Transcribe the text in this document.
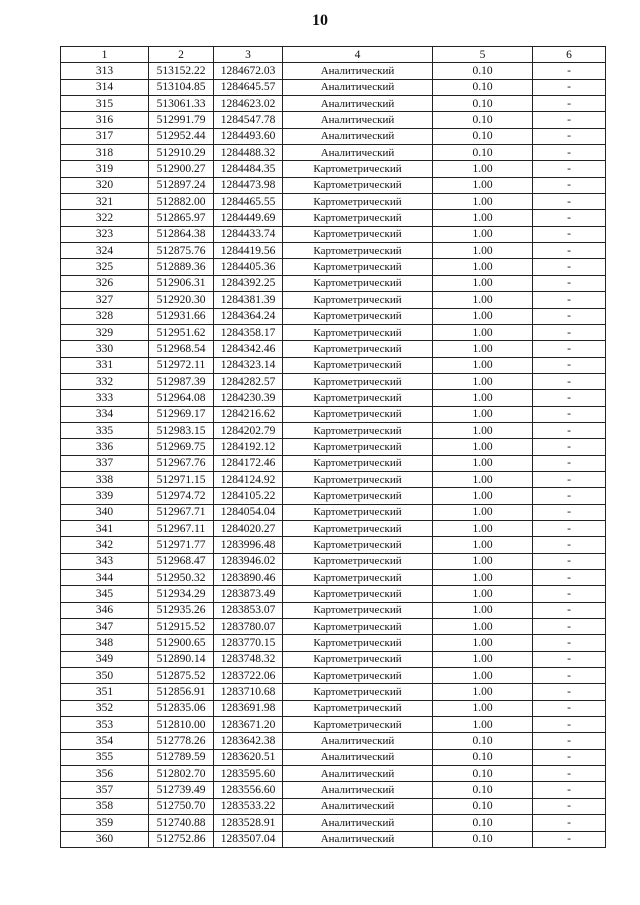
10
1	2	3	4	5	6
313	513152.22	1284672.03	Аналитический	0.10	-
314	513104.85	1284645.57	Аналитический	0.10	-
315	513061.33	1284623.02	Аналитический	0.10	-
316	512991.79	1284547.78	Аналитический	0.10	-
317	512952.44	1284493.60	Аналитический	0.10	-
318	512910.29	1284488.32	Аналитический	0.10	-
319	512900.27	1284484.35	Картометрический	1.00	-
320	512897.24	1284473.98	Картометрический	1.00	-
321	512882.00	1284465.55	Картометрический	1.00	-
322	512865.97	1284449.69	Картометрический	1.00	-
323	512864.38	1284433.74	Картометрический	1.00	-
324	512875.76	1284419.56	Картометрический	1.00	-
325	512889.36	1284405.36	Картометрический	1.00	-
326	512906.31	1284392.25	Картометрический	1.00	-
327	512920.30	1284381.39	Картометрический	1.00	-
328	512931.66	1284364.24	Картометрический	1.00	-
329	512951.62	1284358.17	Картометрический	1.00	-
330	512968.54	1284342.46	Картометрический	1.00	-
331	512972.11	1284323.14	Картометрический	1.00	-
332	512987.39	1284282.57	Картометрический	1.00	-
333	512964.08	1284230.39	Картометрический	1.00	-
334	512969.17	1284216.62	Картометрический	1.00	-
335	512983.15	1284202.79	Картометрический	1.00	-
336	512969.75	1284192.12	Картометрический	1.00	-
337	512967.76	1284172.46	Картометрический	1.00	-
338	512971.15	1284124.92	Картометрический	1.00	-
339	512974.72	1284105.22	Картометрический	1.00	-
340	512967.71	1284054.04	Картометрический	1.00	-
341	512967.11	1284020.27	Картометрический	1.00	-
342	512971.77	1283996.48	Картометрический	1.00	-
343	512968.47	1283946.02	Картометрический	1.00	-
344	512950.32	1283890.46	Картометрический	1.00	-
345	512934.29	1283873.49	Картометрический	1.00	-
346	512935.26	1283853.07	Картометрический	1.00	-
347	512915.52	1283780.07	Картометрический	1.00	-
348	512900.65	1283770.15	Картометрический	1.00	-
349	512890.14	1283748.32	Картометрический	1.00	-
350	512875.52	1283722.06	Картометрический	1.00	-
351	512856.91	1283710.68	Картометрический	1.00	-
352	512835.06	1283691.98	Картометрический	1.00	-
353	512810.00	1283671.20	Картометрический	1.00	-
354	512778.26	1283642.38	Аналитический	0.10	-
355	512789.59	1283620.51	Аналитический	0.10	-
356	512802.70	1283595.60	Аналитический	0.10	-
357	512739.49	1283556.60	Аналитический	0.10	-
358	512750.70	1283533.22	Аналитический	0.10	-
359	512740.88	1283528.91	Аналитический	0.10	-
360	512752.86	1283507.04	Аналитический	0.10	-
